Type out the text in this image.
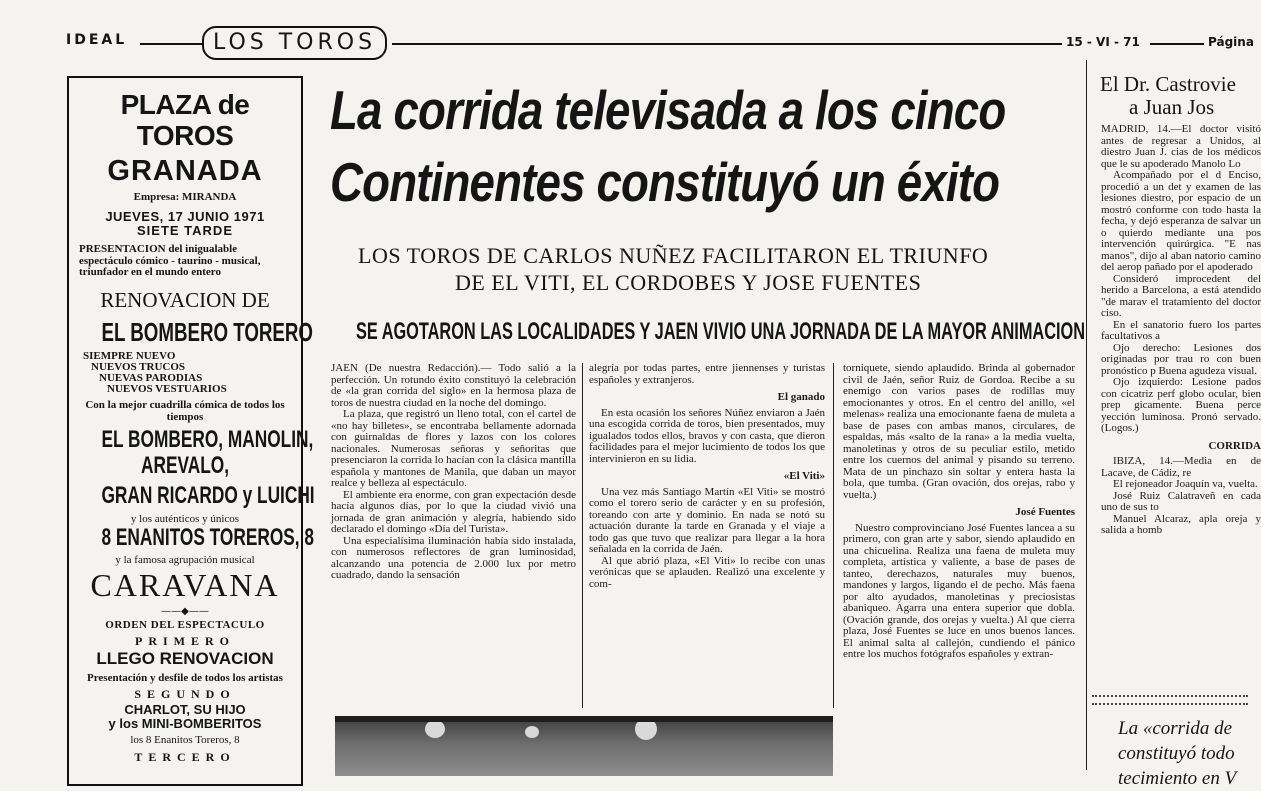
IDEAL	LOS TOROS	15 - VI - 71	Página
PLAZA de TOROS
GRANADA
Empresa: MIRANDA
JUEVES, 17 JUNIO 1971
SIETE TARDE
PRESENTACION del inigualable espectáculo cómico - taurino - musical, triunfador en el mundo entero
RENOVACION DE
EL BOMBERO TORERO
SIEMPRE NUEVO
NUEVOS TRUCOS
NUEVAS PARODIAS
NUEVOS VESTUARIOS
Con la mejor cuadrilla cómica de todos los tiempos
EL BOMBERO, MANOLIN,
AREVALO,
GRAN RICARDO y LUICHI
y los auténticos y únicos
8 ENANITOS TOREROS, 8
y la famosa agrupación musical
CARAVANA
——◆——
ORDEN DEL ESPECTACULO
PRIMERO
LLEGO RENOVACION
Presentación y desfile de todos los artistas
SEGUNDO
CHARLOT, SU HIJO
y los MINI-BOMBERITOS
los 8 Enanitos Toreros, 8
TERCERO
La corrida televisada a los cinco
Continentes constituyó un éxito
LOS TOROS DE CARLOS NUÑEZ FACILITARON EL TRIUNFO
DE EL VITI, EL CORDOBES Y JOSE FUENTES
SE AGOTARON LAS LOCALIDADES Y JAEN VIVIO UNA JORNADA DE LA MAYOR ANIMACION

JAEN (De nuestra Redacción).— Todo salió a la perfección. Un rotundo éxito constituyó la celebración de «la gran corrida del siglo» en la hermosa plaza de toros de nuestra ciudad en la noche del domingo.

La plaza, que registró un lleno total, con el cartel de «no hay billetes», se encontraba bellamente adornada con guirnaldas de flores y lazos con los colores nacionales. Numerosas señoras y señoritas que presenciaron la corrida lo hacían con la clásica mantilla española y mantones de Manila, que daban un mayor realce y belleza al espectáculo.

El ambiente era enorme, con gran expectación desde hacía algunos días, por lo que la ciudad vivió una jornada de gran animación y alegría, habiendo sido declarado el domingo «Día del Turista».

Una especialísima iluminación había sido instalada, con numerosos reflectores de gran luminosidad, alcanzando una potencia de 2.000 lux por metro cuadrado, dando la sensación

alegría por todas partes, entre jiennenses y turistas españoles y extranjeros.

El ganado

En esta ocasión los señores Núñez enviaron a Jaén una escogida corrida de toros, bien presentados, muy igualados todos ellos, bravos y con casta, que dieron facilidades para el mejor lucimiento de todos los que intervinieron en su lidia.

«El Viti»

Una vez más Santiago Martín «El Viti» se mostró como el torero serio de carácter y en su profesión, toreando con arte y dominio. En nada se notó su actuación durante la tarde en Granada y el viaje a todo gas que tuvo que realizar para llegar a la hora señalada en la corrida de Jaén.

Al que abrió plaza, «El Viti» lo recibe con unas verónicas que se aplauden. Realizó una excelente y com-

torniquete, siendo aplaudido. Brinda al gobernador civil de Jaén, señor Ruiz de Gordoa. Recibe a su enemigo con varios pases de rodillas muy emocionantes y otros. En el centro del anillo, «el melenas» realiza una emocionante faena de muleta a base de pases con ambas manos, circulares, de espaldas, más «salto de la rana» a la media vuelta, manoletinas y otros de su peculiar estilo, metido entre los cuernos del animal y pisando su terreno. Mata de un pinchazo sin soltar y entera hasta la bola, que tumba. (Gran ovación, dos orejas, rabo y vuelta.)

José Fuentes

Nuestro comprovinciano José Fuentes lancea a su primero, con gran arte y sabor, siendo aplaudido en una chicuelina. Realiza una faena de muleta muy completa, artística y valiente, a base de pases de tanteo, derechazos, naturales muy buenos, mandones y largos, ligando el de pecho. Más faena por alto ayudados, manoletinas y preciosistas abaniqueo. Agarra una entera superior que dobla. (Ovación grande, dos orejas y vuelta.) Al que cierra plaza, José Fuentes se luce en unos buenos lances. El animal salta al callejón, cundiendo el pánico entre los muchos fotógrafos españoles y extran-

El Dr. Castrovie
a Juan Jos

MADRID, 14.—El doctor visitó antes de regresar a Unidos, al diestro Juan J. cias de los médicos que le su apoderado Manolo Lo

Acompañado por el d Enciso, procedió a un det y examen de las lesiones diestro, por espacio de un mostró conforme con todo hasta la fecha, y dejó esperanza de salvar un o quierdo mediante una pos intervención quirúrgica. "E nas manos", dijo al aban natorio camino del aerop pañado por el apoderado

Consideró improcedent del herido a Barcelona, a está atendido "de marav el tratamiento del doctor ciso.

En el sanatorio fuero los partes facultativos a

Ojo derecho: Lesiones dos originadas por trau ro con buen pronóstico p Buena agudeza visual.

Ojo izquierdo: Lesione pados con cicatriz perf globo ocular, bien prep gicamente. Buena perce yección luminosa. Pronó servado. (Logos.)

CORRIDA

IBIZA, 14.—Media en de Lacave, de Cádiz, re

El rejoneador Joaquín va, vuelta.

José Ruiz Calatraveñ en cada uno de sus to

Manuel Alcaraz, apla oreja y salida a homb

La «corrida de
constituyó todo
tecimiento en V
